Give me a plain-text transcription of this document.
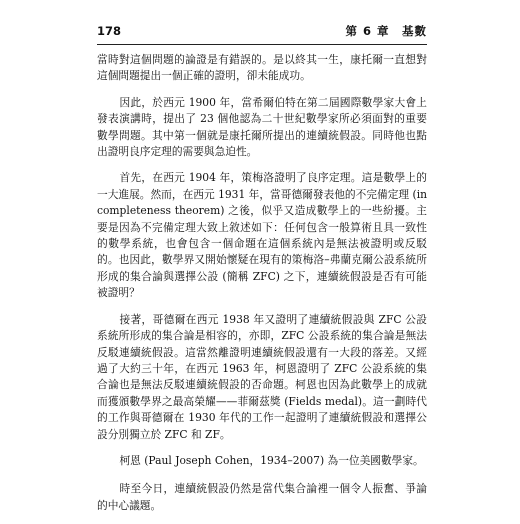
178	第 6 章　基數

當時對這個問題的論證是有錯誤的。是以終其一生，康托爾一直想對這個問題提出一個正確的證明，卻未能成功。

因此，於西元 1900 年，當希爾伯特在第二屆國際數學家大會上發表演講時，提出了 23 個他認為二十世紀數學家所必須面對的重要數學問題。其中第一個就是康托爾所提出的連續統假設。同時他也點出證明良序定理的需要與急迫性。

首先，在西元 1904 年，策梅洛證明了良序定理。這是數學上的一大進展。然而，在西元 1931 年，當哥德爾發表他的不完備定理 (incompleteness theorem) 之後，似乎又造成數學上的一些紛擾。主要是因為不完備定理大致上敘述如下：任何包含一般算術且具一致性的數學系統，也會包含一個命題在這個系統內是無法被證明或反駁的。也因此，數學界又開始懷疑在現有的策梅洛–弗蘭克爾公設系統所形成的集合論與選擇公設 (簡稱 ZFC) 之下，連續統假設是否有可能被證明？

接著，哥德爾在西元 1938 年又證明了連續統假設與 ZFC 公設系統所形成的集合論是相容的，亦即，ZFC 公設系統的集合論是無法反駁連續統假設。這當然離證明連續統假設還有一大段的落差。又經過了大約三十年，在西元 1963 年，柯恩證明了 ZFC 公設系統的集合論也是無法反駁連續統假設的否命題。柯恩也因為此數學上的成就而獲頒數學界之最高榮耀——菲爾茲獎 (Fields medal)。這一劃時代的工作與哥德爾在 1930 年代的工作一起證明了連續統假設和選擇公設分別獨立於 ZFC 和 ZF。

柯恩 (Paul Joseph Cohen，1934–2007) 為一位美國數學家。

時至今日，連續統假設仍然是當代集合論裡一個令人振奮、爭論的中心議題。
